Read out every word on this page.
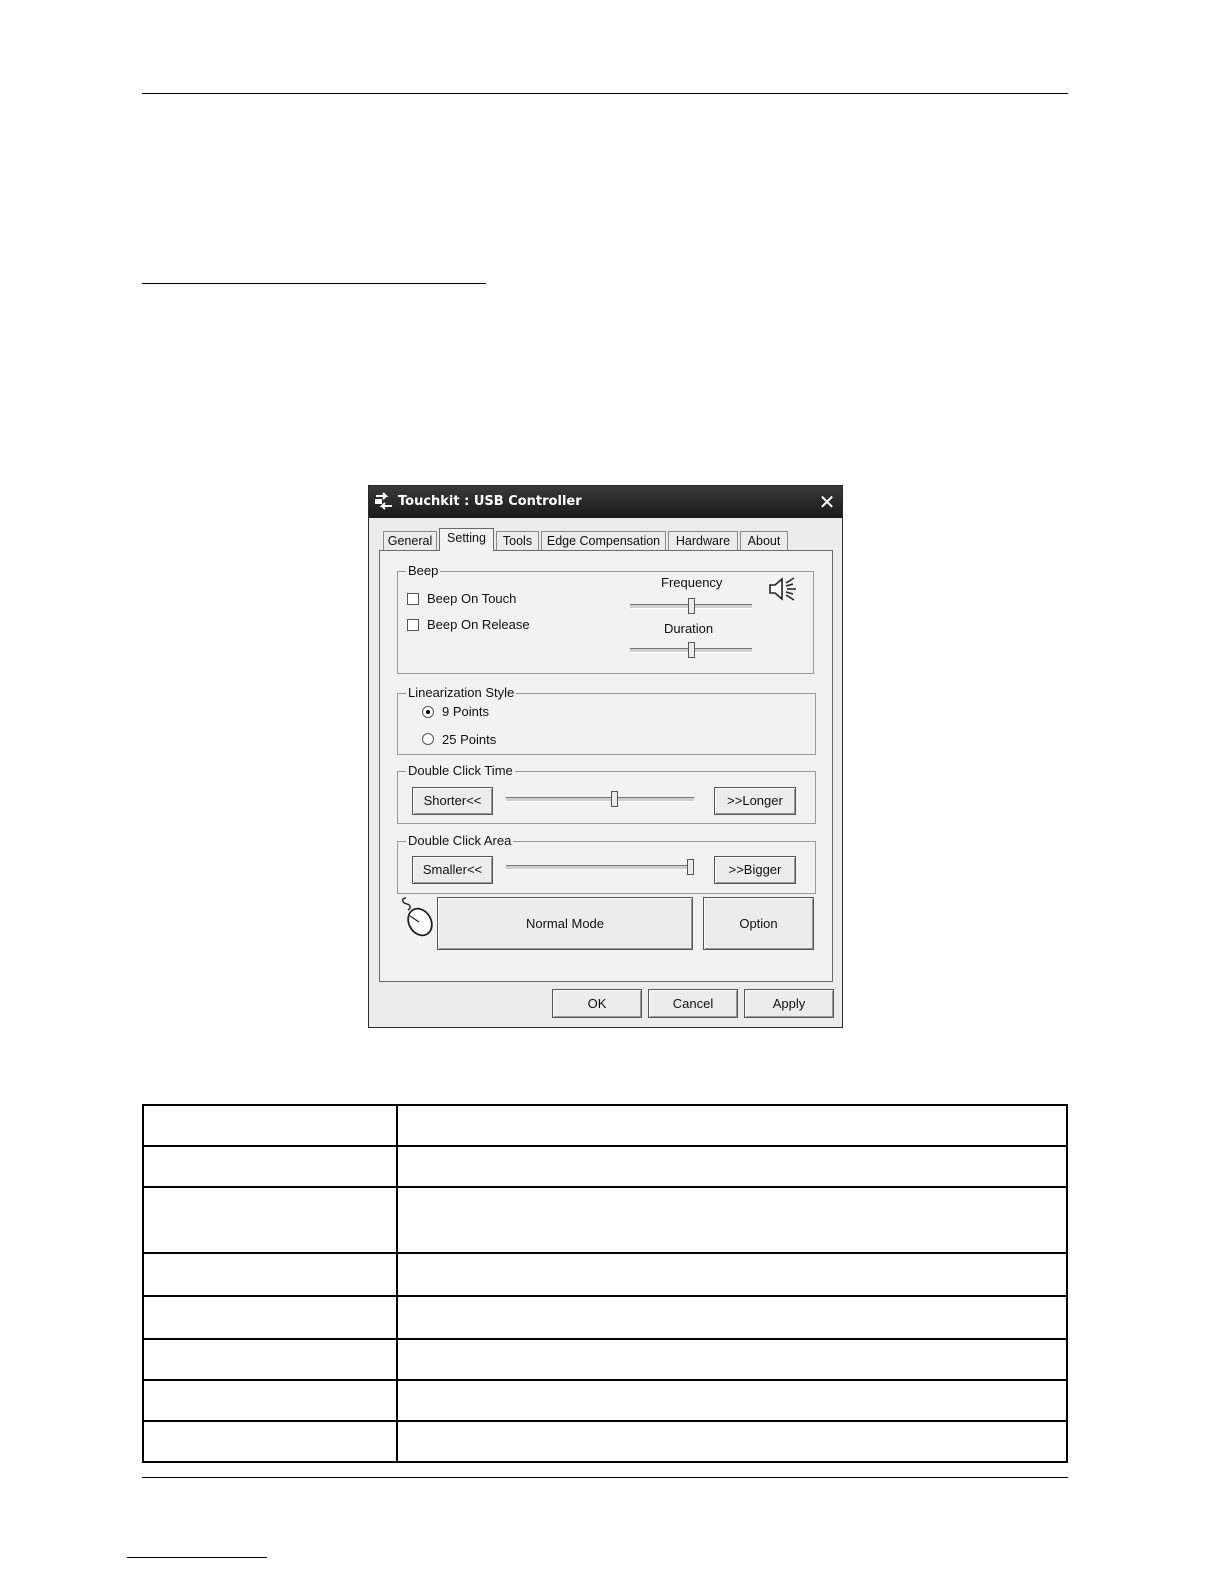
Touchkit : USB Controller	✕
General	Setting	Tools	Edge Compensation	Hardware	About
Beep
Beep On Touch
Beep On Release
Frequency
Duration
Linearization Style
9 Points
25 Points
Double Click Time
Shorter<<	>>Longer
Double Click Area
Smaller<<	>>Bigger
Normal Mode	Option
OK	Cancel	Apply
